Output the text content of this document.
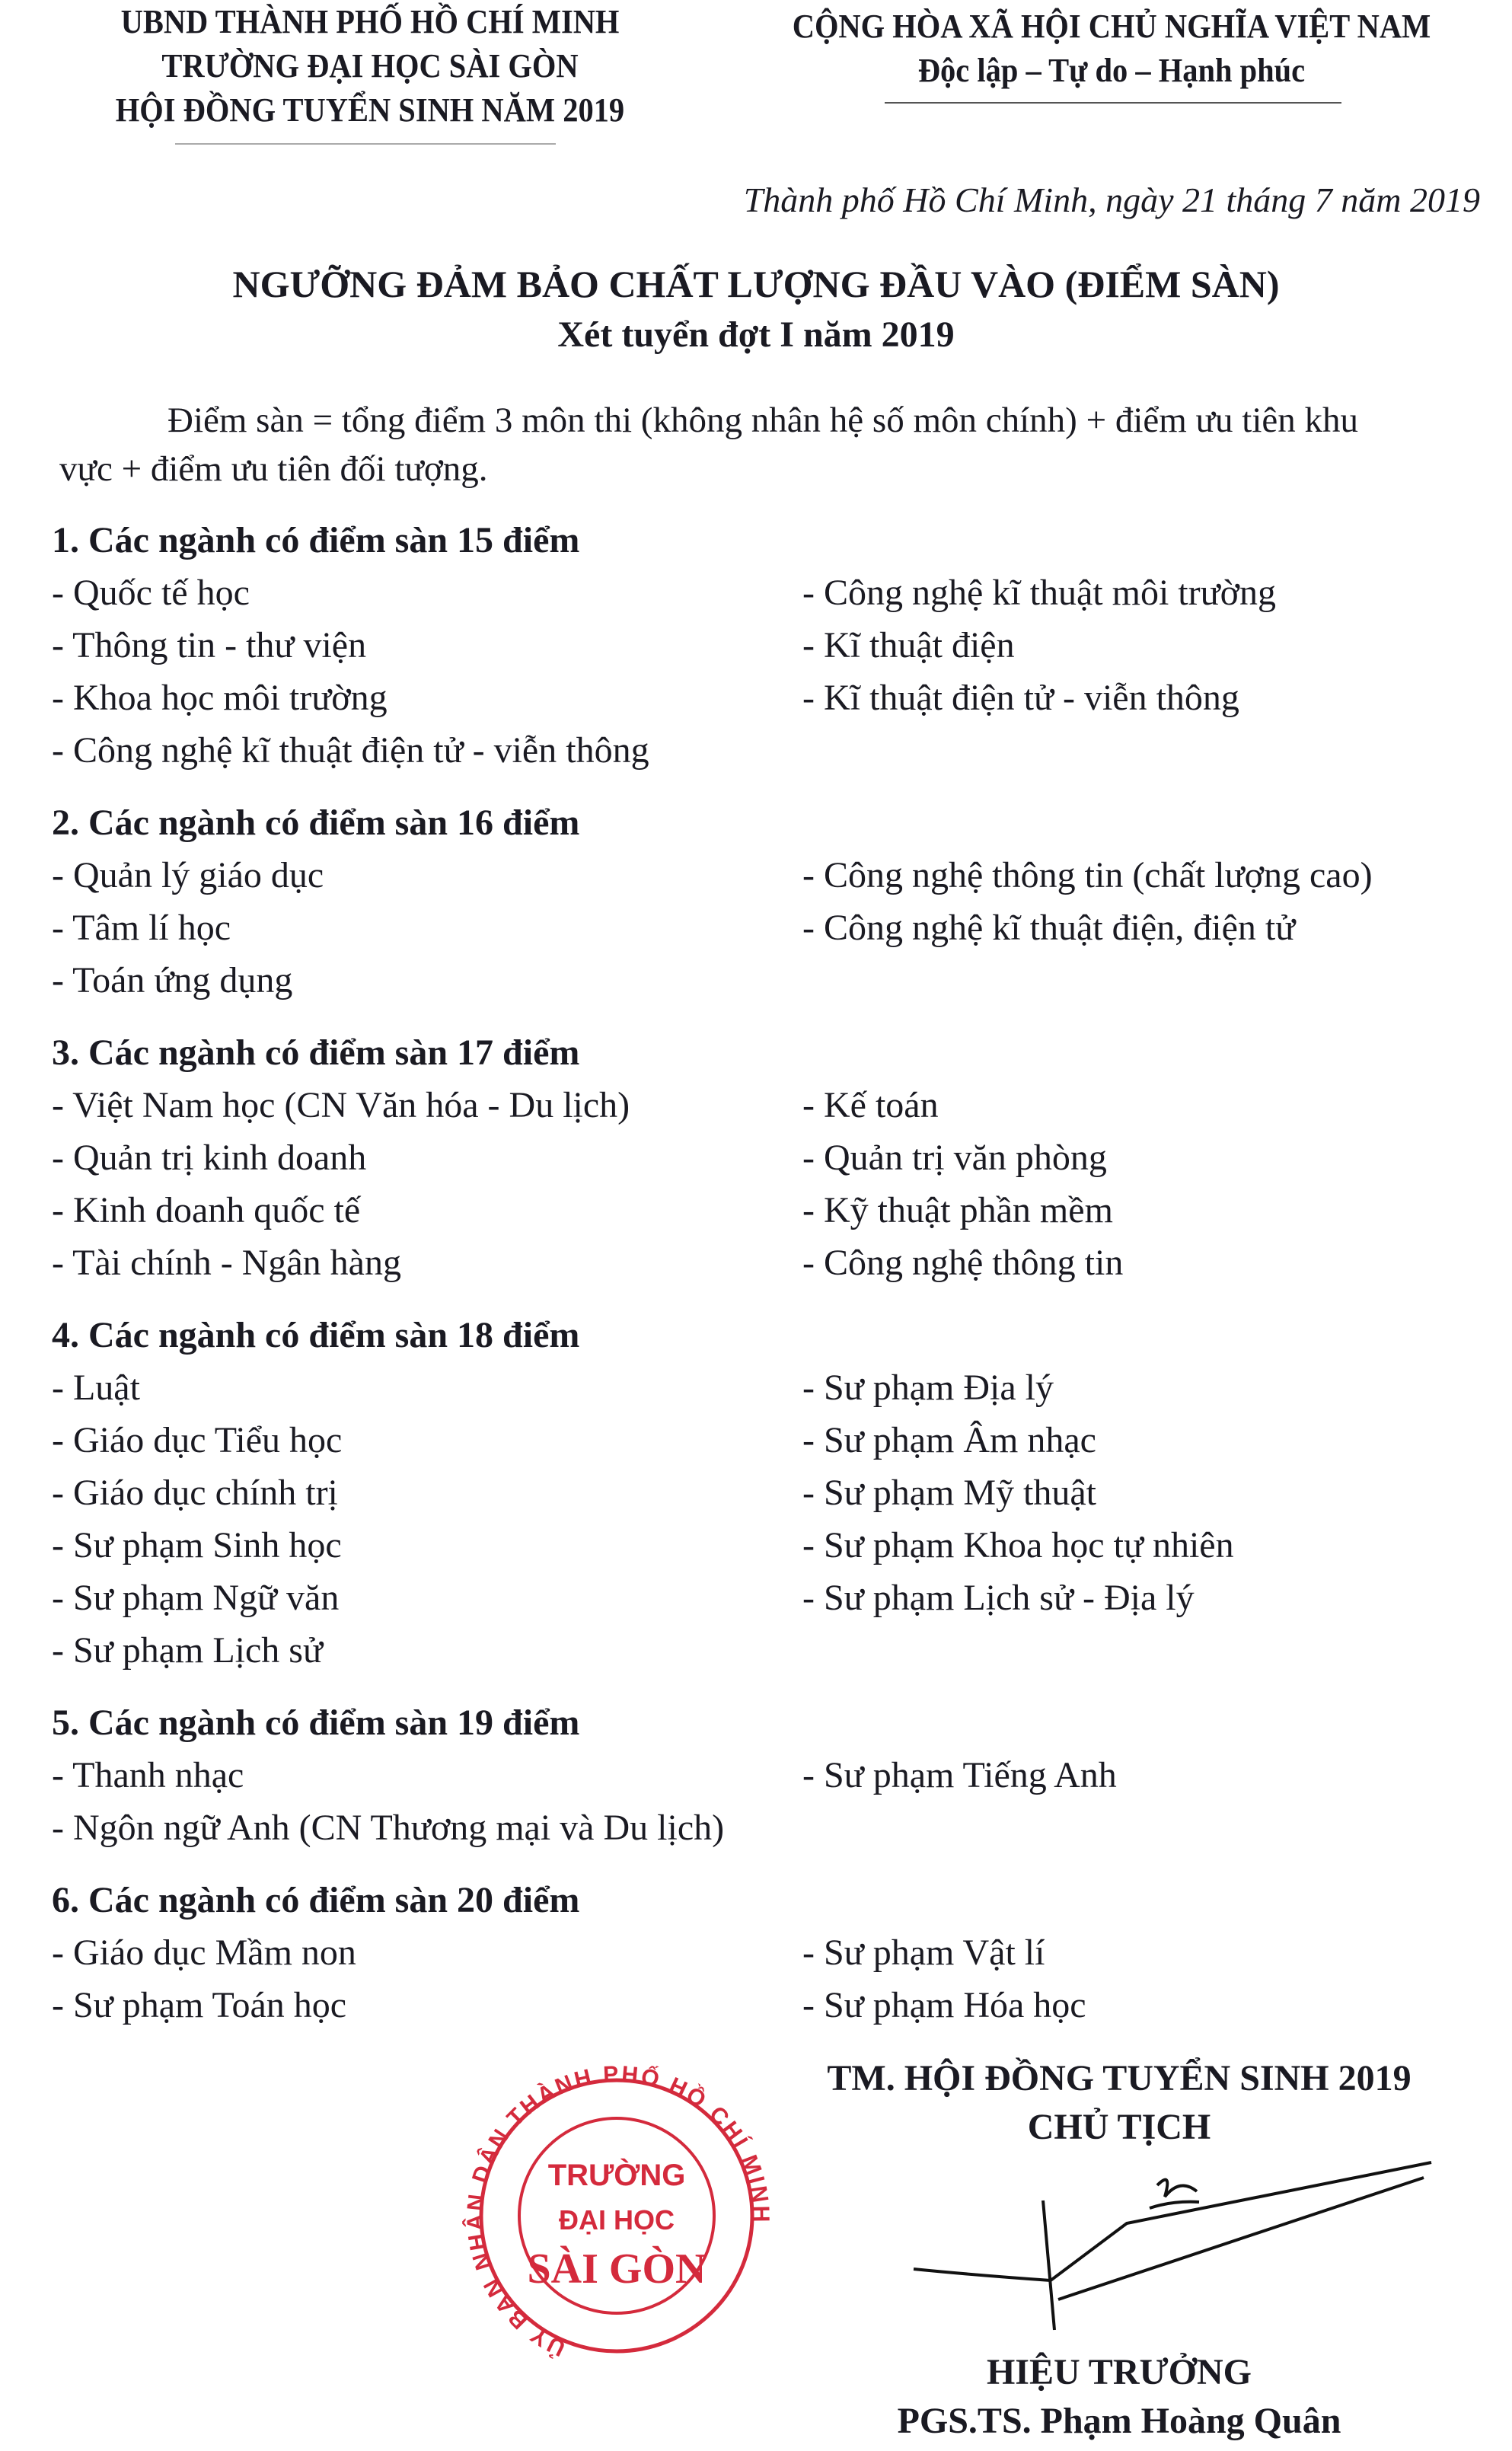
UBND THÀNH PHỐ HỒ CHÍ MINH
TRƯỜNG ĐẠI HỌC SÀI GÒN
HỘI ĐỒNG TUYỂN SINH NĂM 2019
CỘNG HÒA XÃ HỘI CHỦ NGHĨA VIỆT NAM
Độc lập – Tự do – Hạnh phúc
Thành phố Hồ Chí Minh, ngày 21 tháng 7 năm 2019
NGƯỠNG ĐẢM BẢO CHẤT LƯỢNG ĐẦU VÀO (ĐIỂM SÀN)
Xét tuyển đợt I năm 2019
Điểm sàn = tổng điểm 3 môn thi (không nhân hệ số môn chính) + điểm ưu tiên khu vực + điểm ưu tiên đối tượng.
1. Các ngành có điểm sàn 15 điểm
- Quốc tế học	- Công nghệ kĩ thuật môi trường
- Thông tin - thư viện	- Kĩ thuật điện
- Khoa học môi trường	- Kĩ thuật điện tử - viễn thông
- Công nghệ kĩ thuật điện tử - viễn thông
2. Các ngành có điểm sàn 16 điểm
- Quản lý giáo dục	- Công nghệ thông tin (chất lượng cao)
- Tâm lí học	- Công nghệ kĩ thuật điện, điện tử
- Toán ứng dụng
3. Các ngành có điểm sàn 17 điểm
- Việt Nam học (CN Văn hóa - Du lịch)	- Kế toán
- Quản trị kinh doanh	- Quản trị văn phòng
- Kinh doanh quốc tế	- Kỹ thuật phần mềm
- Tài chính - Ngân hàng	- Công nghệ thông tin
4. Các ngành có điểm sàn 18 điểm
- Luật	- Sư phạm Địa lý
- Giáo dục Tiểu học	- Sư phạm Âm nhạc
- Giáo dục chính trị	- Sư phạm Mỹ thuật
- Sư phạm Sinh học	- Sư phạm Khoa học tự nhiên
- Sư phạm Ngữ văn	- Sư phạm Lịch sử - Địa lý
- Sư phạm Lịch sử
5. Các ngành có điểm sàn 19 điểm
- Thanh nhạc	- Sư phạm Tiếng Anh
- Ngôn ngữ Anh (CN Thương mại và Du lịch)
6. Các ngành có điểm sàn 20 điểm
- Giáo dục Mầm non	- Sư phạm Vật lí
- Sư phạm Toán học	- Sư phạm Hóa học
TM. HỘI ĐỒNG TUYỂN SINH 2019
CHỦ TỊCH
ỦY BAN NHÂN DÂN THÀNH PHỐ HỒ CHÍ MINH
TRƯỜNG
ĐẠI HỌC
SÀI GÒN
HIỆU TRƯỞNG
PGS.TS. Phạm Hoàng Quân
